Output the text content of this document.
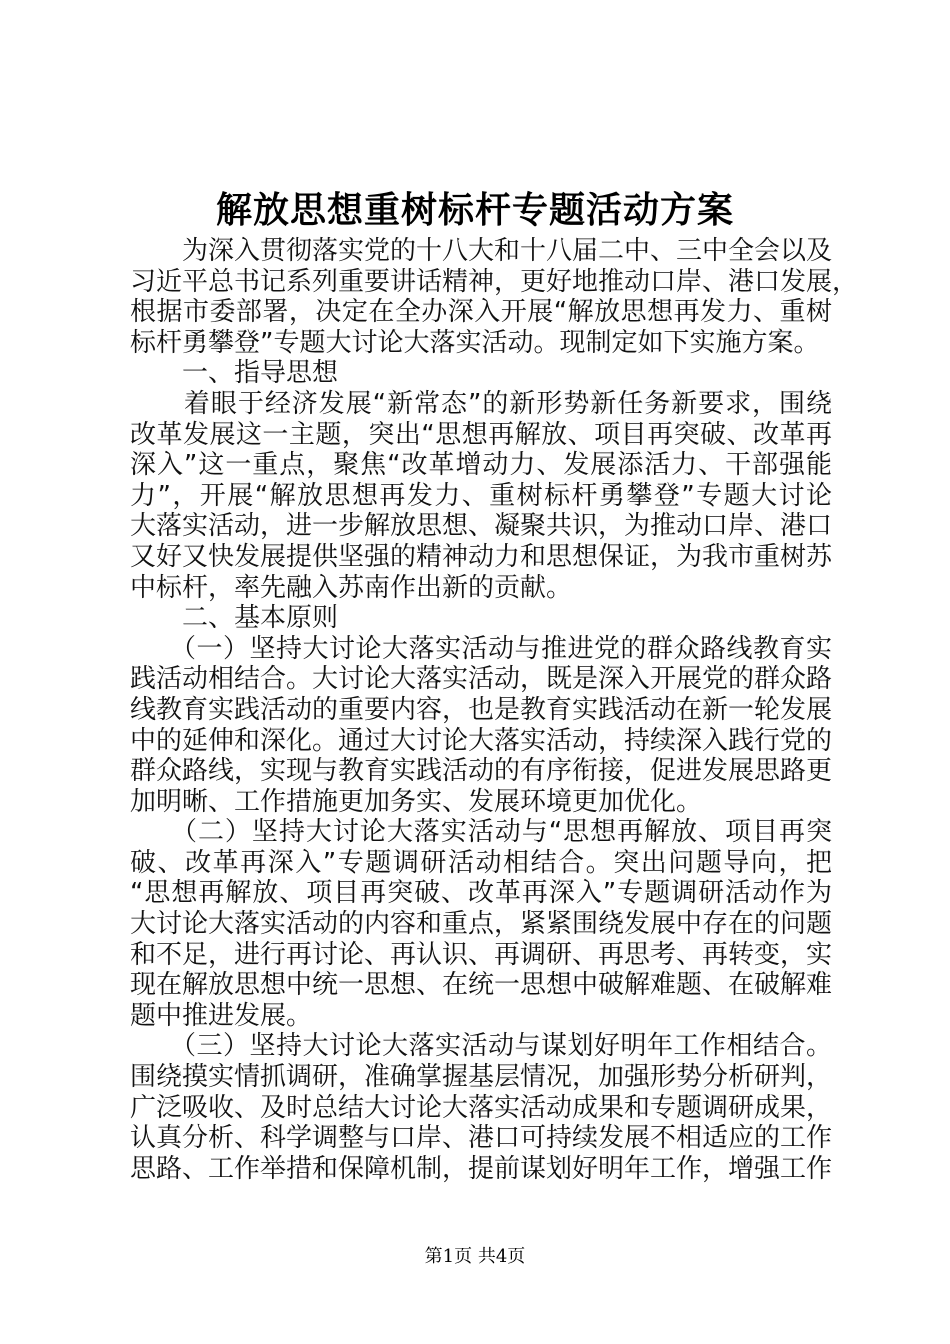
解放思想重树标杆专题活动方案
　　为深入贯彻落实党的十八大和十八届二中、三中全会以及
习近平总书记系列重要讲话精神，更好地推动口岸、港口发展，
根据市委部署，决定在全办深入开展“解放思想再发力、重树
标杆勇攀登”专题大讨论大落实活动。现制定如下实施方案。
　　一、指导思想
　　着眼于经济发展“新常态”的新形势新任务新要求，围绕
改革发展这一主题，突出“思想再解放、项目再突破、改革再
深入”这一重点，聚焦“改革增动力、发展添活力、干部强能
力”，开展“解放思想再发力、重树标杆勇攀登”专题大讨论
大落实活动，进一步解放思想、凝聚共识，为推动口岸、港口
又好又快发展提供坚强的精神动力和思想保证，为我市重树苏
中标杆，率先融入苏南作出新的贡献。
　　二、基本原则
　　（一）坚持大讨论大落实活动与推进党的群众路线教育实
践活动相结合。大讨论大落实活动，既是深入开展党的群众路
线教育实践活动的重要内容，也是教育实践活动在新一轮发展
中的延伸和深化。通过大讨论大落实活动，持续深入践行党的
群众路线，实现与教育实践活动的有序衔接，促进发展思路更
加明晰、工作措施更加务实、发展环境更加优化。
　　（二）坚持大讨论大落实活动与“思想再解放、项目再突
破、改革再深入”专题调研活动相结合。突出问题导向，把
“思想再解放、项目再突破、改革再深入”专题调研活动作为
大讨论大落实活动的内容和重点，紧紧围绕发展中存在的问题
和不足，进行再讨论、再认识、再调研、再思考、再转变，实
现在解放思想中统一思想、在统一思想中破解难题、在破解难
题中推进发展。
　　（三）坚持大讨论大落实活动与谋划好明年工作相结合。
围绕摸实情抓调研，准确掌握基层情况，加强形势分析研判，
广泛吸收、及时总结大讨论大落实活动成果和专题调研成果，
认真分析、科学调整与口岸、港口可持续发展不相适应的工作
思路、工作举措和保障机制，提前谋划好明年工作，增强工作
第1页 共4页
